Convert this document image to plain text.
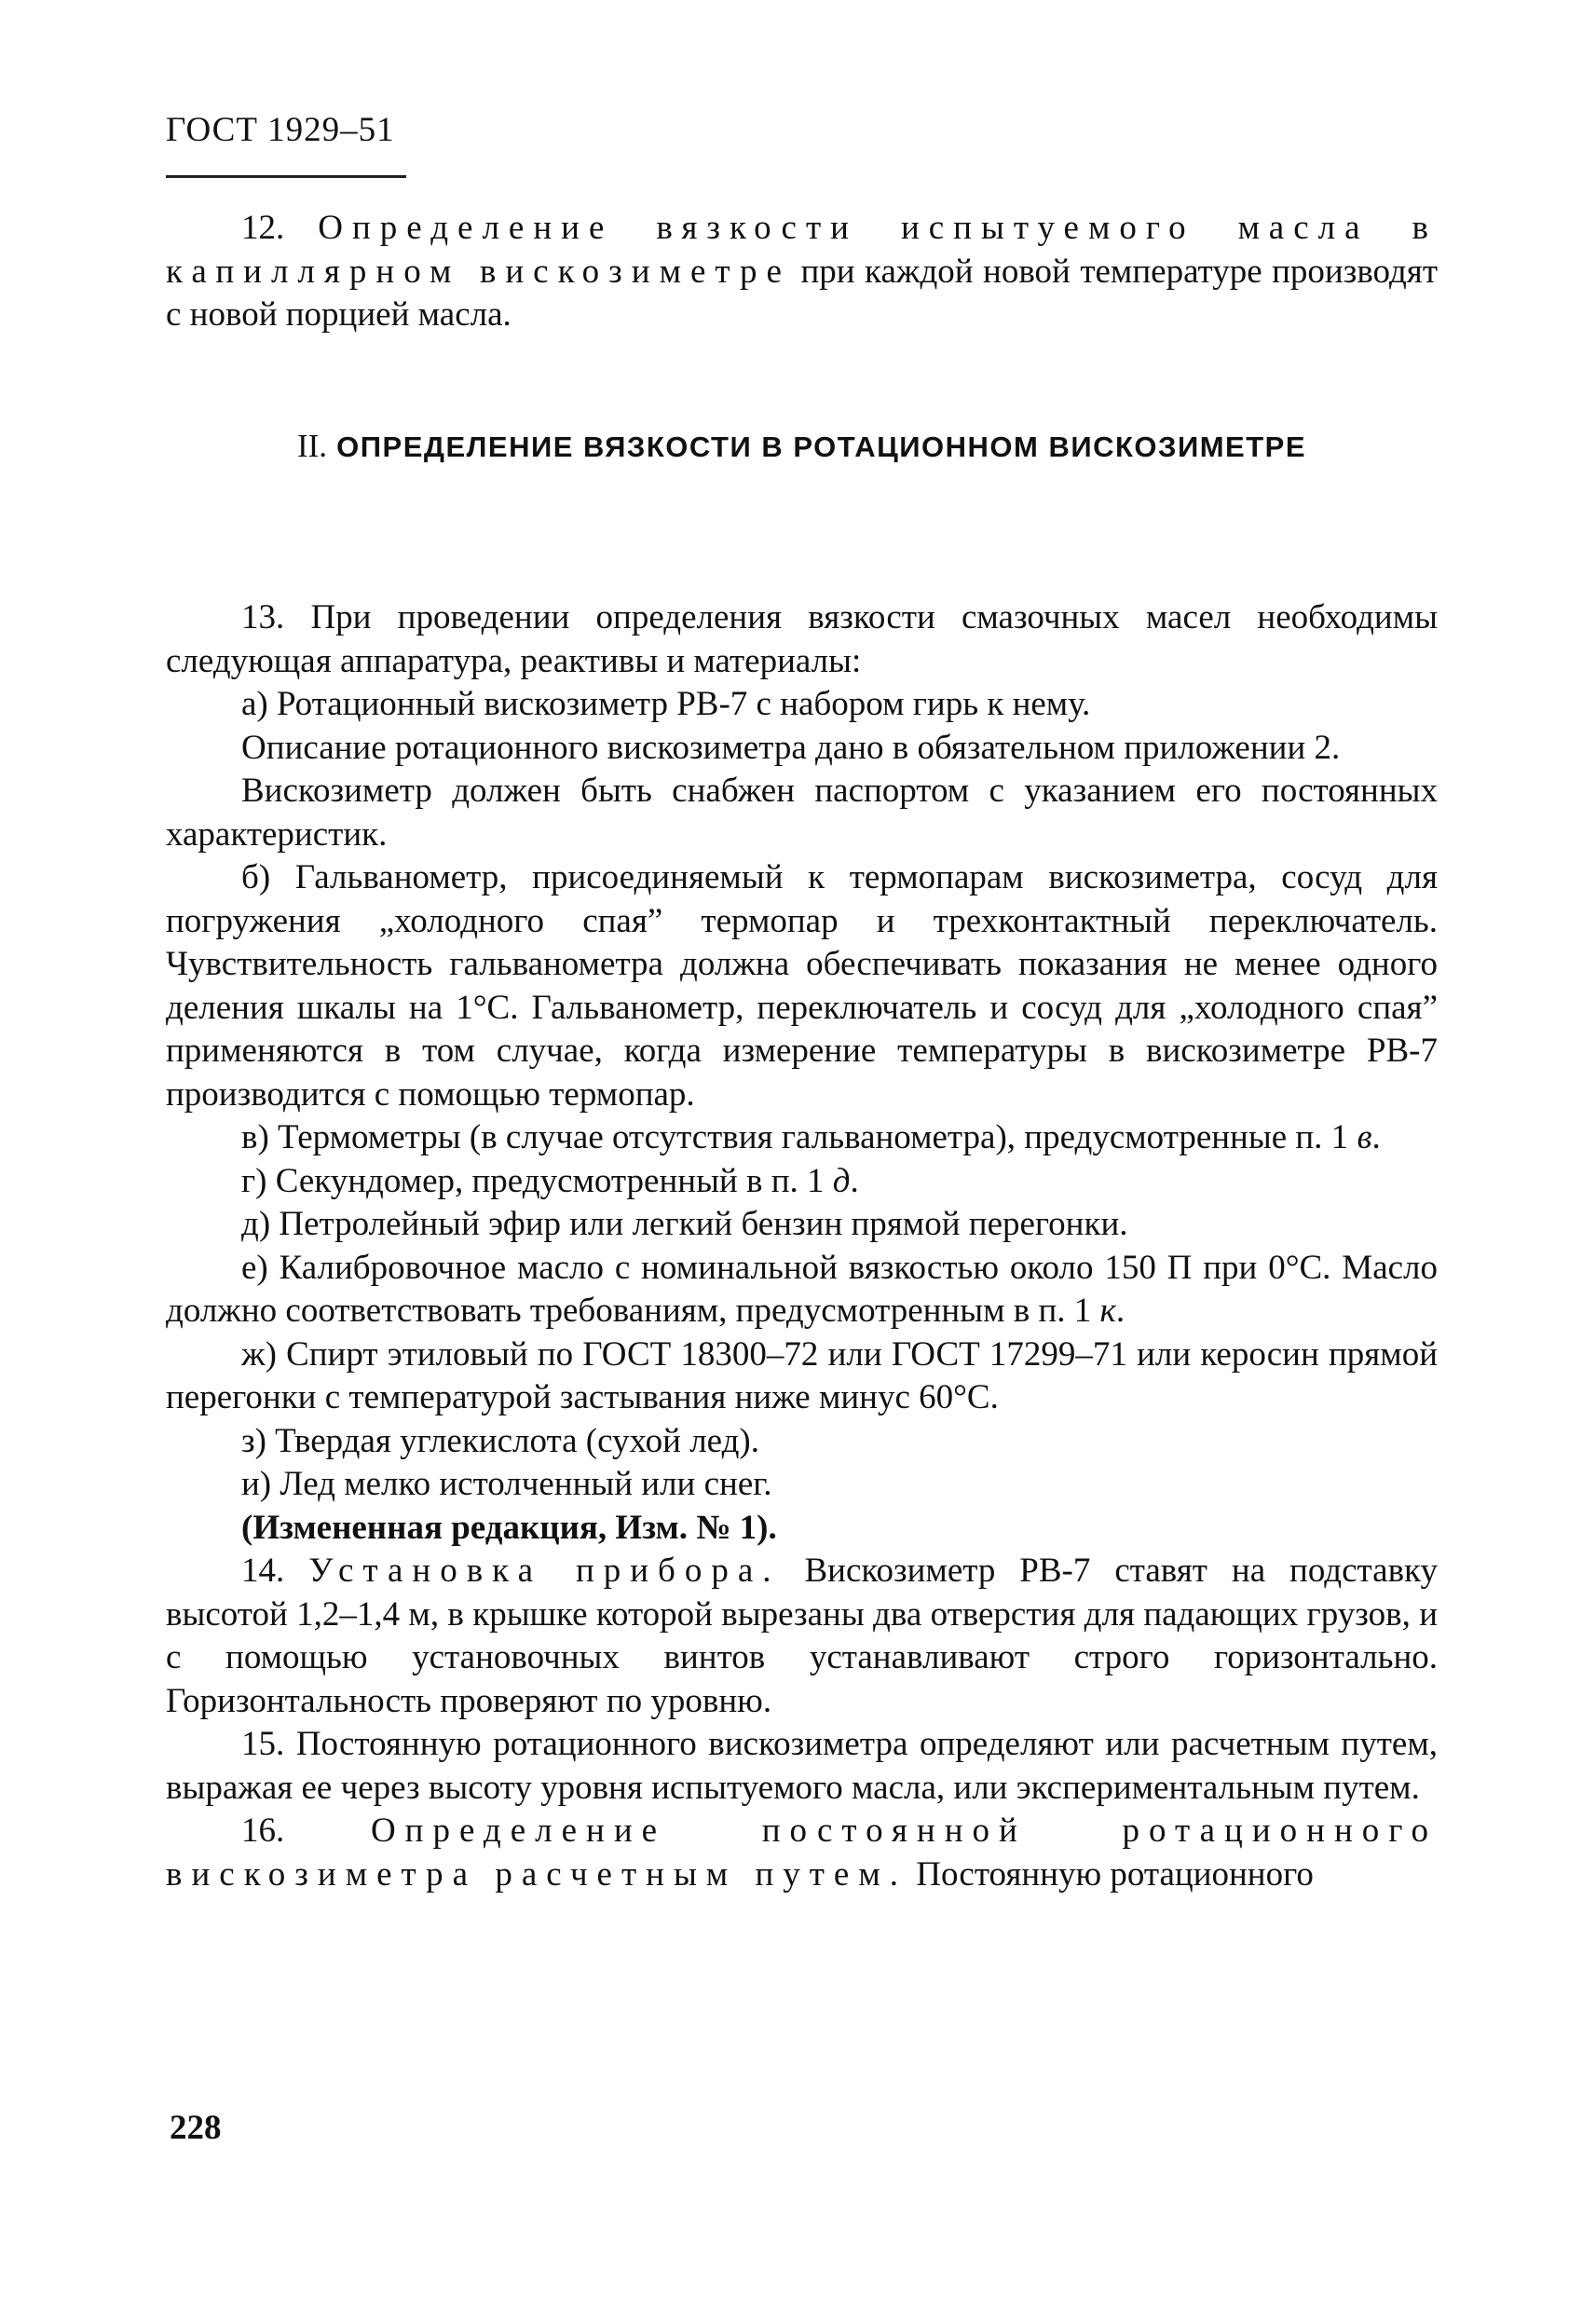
ГОСТ 1929–51

12. Определение вязкости испытуемого масла в капиллярном вискозиметре при каждой новой температуре производят с новой порцией масла.

II. ОПРЕДЕЛЕНИЕ ВЯЗКОСТИ В РОТАЦИОННОМ ВИСКОЗИМЕТРЕ

13. При проведении определения вязкости смазочных масел необходимы следующая аппаратура, реактивы и материалы:

а) Ротационный вискозиметр РВ-7 с набором гирь к нему.

Описание ротационного вискозиметра дано в обязательном приложении 2.

Вискозиметр должен быть снабжен паспортом с указанием его постоянных характеристик.

б) Гальванометр, присоединяемый к термопарам вискозиметра, сосуд для погружения „холодного спая” термопар и трехконтактный переключатель. Чувствительность гальванометра должна обеспечивать показания не менее одного деления шкалы на 1°С. Гальванометр, переключатель и сосуд для „холодного спая” применяются в том случае, когда измерение температуры в вискозиметре РВ-7 производится с помощью термопар.

в) Термометры (в случае отсутствия гальванометра), предусмотренные п. 1 в.

г) Секундомер, предусмотренный в п. 1 д.

д) Петролейный эфир или легкий бензин прямой перегонки.

е) Калибровочное масло с номинальной вязкостью около 150 П при 0°С. Масло должно соответствовать требованиям, предусмотренным в п. 1 к.

ж) Спирт этиловый по ГОСТ 18300–72 или ГОСТ 17299–71 или керосин прямой перегонки с температурой застывания ниже минус 60°С.

з) Твердая углекислота (сухой лед).

и) Лед мелко истолченный или снег.

(Измененная редакция, Изм. № 1).

14. Установка прибора. Вискозиметр РВ-7 ставят на подставку высотой 1,2–1,4 м, в крышке которой вырезаны два отверстия для падающих грузов, и с помощью установочных винтов устанавливают строго горизонтально. Горизонтальность проверяют по уровню.

15. Постоянную ротационного вискозиметра определяют или расчетным путем, выражая ее через высоту уровня испытуемого масла, или экспериментальным путем.

16.	Определение постоянной ротационного вискозиметра расчетным путем. Постоянную ротационного

228
